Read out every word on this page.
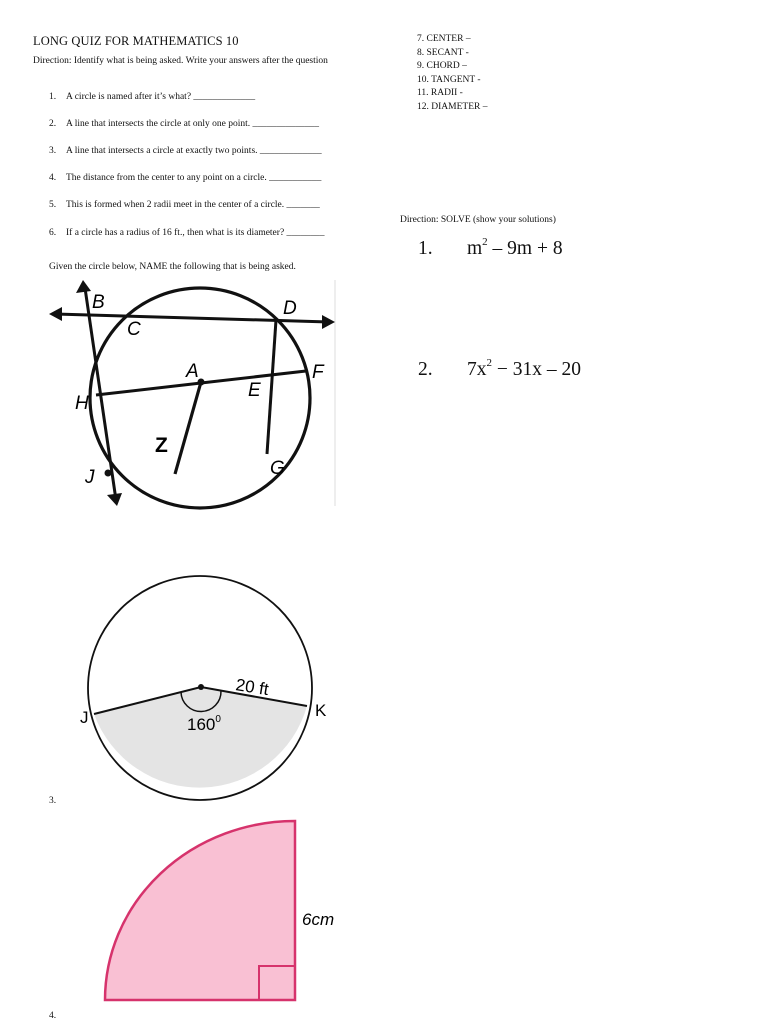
LONG QUIZ FOR MATHEMATICS 10
Direction: Identify what is being asked. Write your answers after the question
1. A circle is named after it’s what? _____________
2. A line that intersects the circle at only one point. ______________
3. A line that intersects a circle at exactly two points. _____________
4. The distance from the center to any point on a circle. ___________
5. This is formed when 2 radii meet in the center of a circle. _______
6. If a circle has a radius of 16 ft., then what is its diameter? ________
Given the circle below, NAME the following that is being asked.
7. CENTER –
8. SECANT -
9. CHORD –
10. TANGENT -
11. RADII -
12. DIAMETER –
Direction: SOLVE (show your solutions)
1. $m^2 - 9m + 8$
2. $7x^2 - 31x - 20$
B
C
D
A
E
F
H
Z
G
J
20 ft
$160^0$
J	K
3.
6cm
4.
